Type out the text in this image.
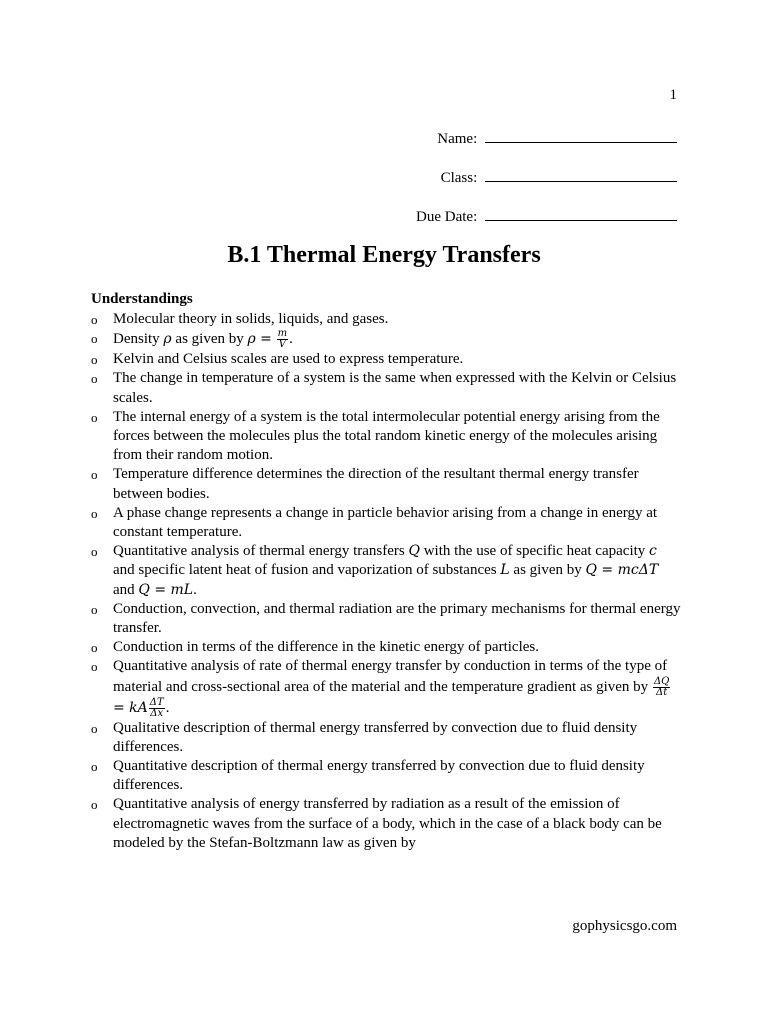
1
Name:
Class:
Due Date:
B.1 Thermal Energy Transfers
Understandings
o Molecular theory in solids, liquids, and gases.
o Density ρ as given by $\rho = \frac{m}{V}$ .
o Kelvin and Celsius scales are used to express temperature.
o The change in temperature of a system is the same when expressed with the Kelvin or Celsius scales.
o The internal energy of a system is the total intermolecular potential energy arising from the forces between the molecules plus the total random kinetic energy of the molecules arising from their random motion.
o Temperature difference determines the direction of the resultant thermal energy transfer between bodies.
o A phase change represents a change in particle behavior arising from a change in energy at constant temperature.
o Quantitative analysis of thermal energy transfers Q with the use of specific heat capacity c and specific latent heat of fusion and vaporization of substances L as given by Q = mcΔT and Q = mL.
o Conduction, convection, and thermal radiation are the primary mechanisms for thermal energy transfer.
o Conduction in terms of the difference in the kinetic energy of particles.
o Quantitative analysis of rate of thermal energy transfer by conduction in terms of the type of material and cross-sectional area of the material and the temperature gradient as given by $\frac{\Delta Q}{\Delta t}$
= kA $\frac{\Delta T}{\Delta x}$ .
o Qualitative description of thermal energy transferred by convection due to fluid density differences.
o Quantitative description of thermal energy transferred by convection due to fluid density differences.
o Quantitative analysis of energy transferred by radiation as a result of the emission of electromagnetic waves from the surface of a body, which in the case of a black body can be modeled by the Stefan-Boltzmann law as given by
gophysicsgo.com
